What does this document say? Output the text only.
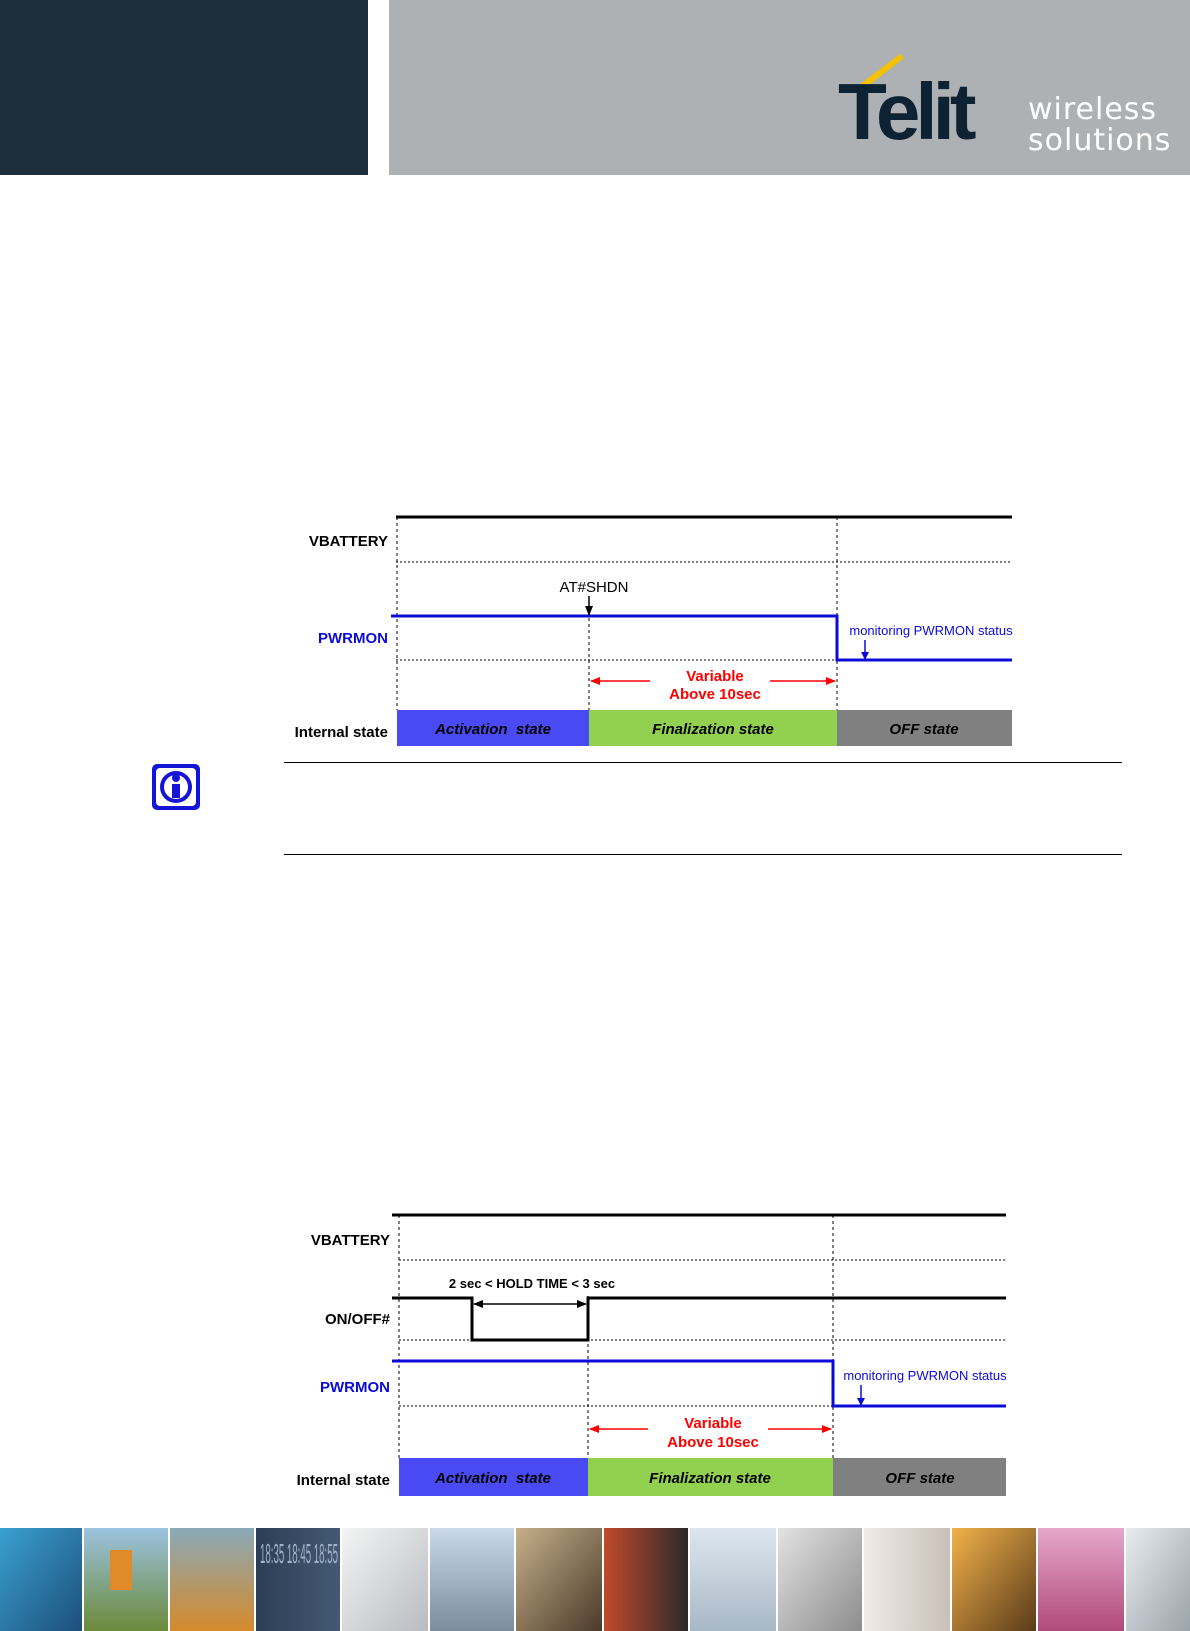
Telit wireless
solutions
VBATTERY
PWRMON
Internal state
AT#SHDN
monitoring PWRMON status
Variable
Above 10sec
Activation  state	Finalization state	OFF state
VBATTERY
ON/OFF#
PWRMON
Internal state
2 sec < HOLD TIME < 3 sec
monitoring PWRMON status
Variable
Above 10sec
Activation  state	Finalization state	OFF state
18:35 18:45 18:55
